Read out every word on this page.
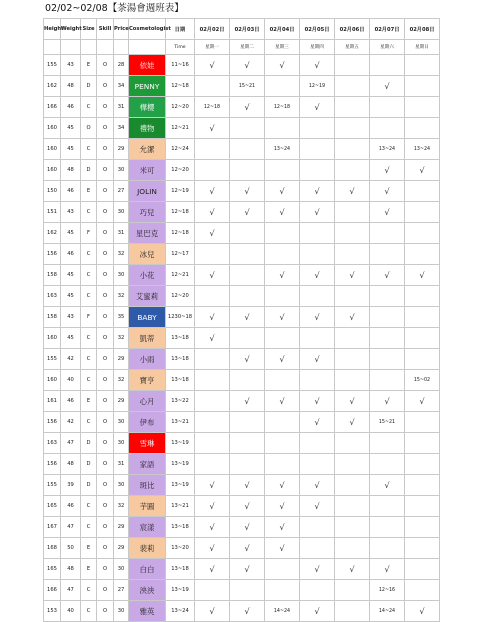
02/02~02/08【茶湯會週班表】
Height	Weight	Size	Skill	Price	Cosmetologist	日期	02月02日	02月03日	02月04日	02月05日	02月06日	02月07日	02月08日
						Time	星期一	星期二	星期三	星期四	星期五	星期六	星期日
155	43	E	O	28	依娃	11~16	√	√	√	√			
162	48	D	O	34	PENNY	12~18		15~21		12~19		√	
166	46	C	O	31	樺櫻	12~20	12~18	√	12~18	√			
160	45	O	O	34	禮物	12~21	√						
160	45	C	O	29	允潔	12~24			13~24			13~24	13~24
160	48	D	O	30	米可	12~20						√	√
150	46	E	O	27	JOLIN	12~19	√	√	√	√	√	√	
151	43	C	O	30	巧兒	12~18	√	√	√	√		√	
162	45	F	O	31	星巴克	12~18	√						
156	46	C	O	32	冰兒	12~17							
158	45	C	O	30	小花	12~21	√		√	√	√	√	√
163	45	C	O	32	艾蜜莉	12~20							
158	43	F	O	35	BABY	1230~18	√	√	√	√	√		
160	45	C	O	32	凱蒂	13~18	√						
155	42	C	O	29	小雨	13~18		√	√	√			
160	40	C	O	32	寶亨	13~18							15~02
161	46	E	O	29	心月	13~22		√	√	√	√	√	√
156	42	C	O	30	伊布	13~21				√	√	15~21	
163	47	D	O	30	雪琳	13~19							
156	48	D	O	31	家語	13~19							
155	39	D	O	30	斑比	13~19	√	√	√	√		√	
165	46	C	O	32	芋圓	13~21	√	√	√	√			
167	47	C	O	29	宸漾	13~18	√	√	√				
168	50	E	O	29	裴莉	13~20	√	√	√				
165	48	E	O	30	白白	13~18	√	√		√	√	√	
166	47	C	O	27	泱泱	13~19						12~16	
153	40	C	O	30	雅英	13~24	√	√	14~24	√		14~24	√
